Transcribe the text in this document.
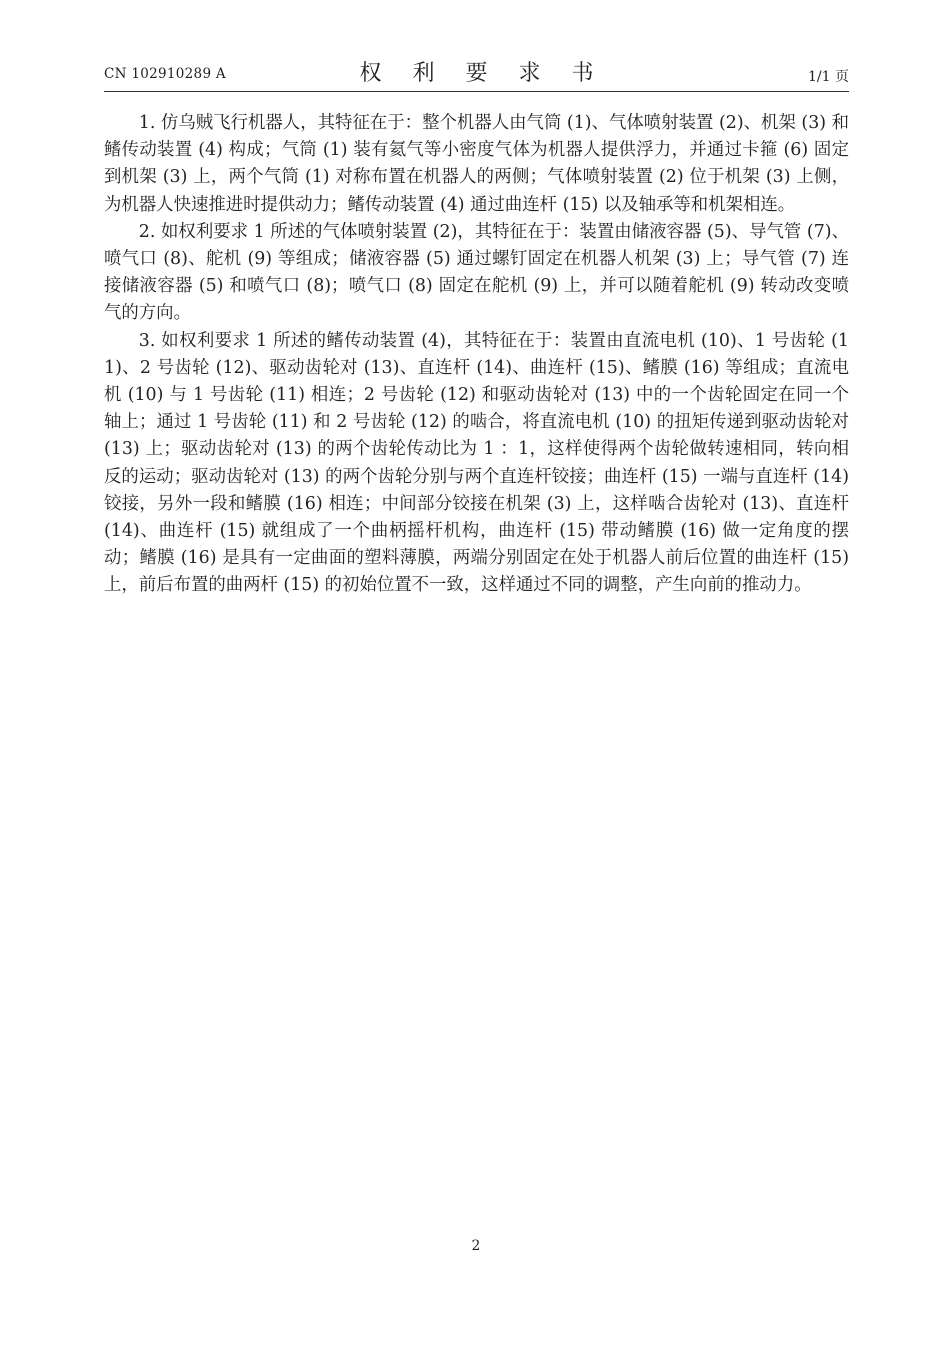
CN 102910289 A	权 利 要 求 书	1/1 页

1. 仿乌贼飞行机器人，其特征在于：整个机器人由气筒 (1)、气体喷射装置 (2)、机架 (3) 和鳍传动装置 (4) 构成；气筒 (1) 装有氦气等小密度气体为机器人提供浮力，并通过卡箍 (6) 固定到机架 (3) 上，两个气筒 (1) 对称布置在机器人的两侧；气体喷射装置 (2) 位于机架 (3) 上侧，为机器人快速推进时提供动力；鳍传动装置 (4) 通过曲连杆 (15) 以及轴承等和机架相连。

2. 如权利要求 1 所述的气体喷射装置 (2)，其特征在于：装置由储液容器 (5)、导气管 (7)、喷气口 (8)、舵机 (9) 等组成；储液容器 (5) 通过螺钉固定在机器人机架 (3) 上；导气管 (7) 连接储液容器 (5) 和喷气口 (8)；喷气口 (8) 固定在舵机 (9) 上，并可以随着舵机 (9) 转动改变喷气的方向。

3. 如权利要求 1 所述的鳍传动装置 (4)，其特征在于：装置由直流电机 (10)、1 号齿轮 (11)、2 号齿轮 (12)、驱动齿轮对 (13)、直连杆 (14)、曲连杆 (15)、鳍膜 (16) 等组成；直流电机 (10) 与 1 号齿轮 (11) 相连；2 号齿轮 (12) 和驱动齿轮对 (13) 中的一个齿轮固定在同一个轴上；通过 1 号齿轮 (11) 和 2 号齿轮 (12) 的啮合，将直流电机 (10) 的扭矩传递到驱动齿轮对 (13) 上；驱动齿轮对 (13) 的两个齿轮传动比为 1 ：1，这样使得两个齿轮做转速相同，转向相反的运动；驱动齿轮对 (13) 的两个齿轮分别与两个直连杆铰接；曲连杆 (15) 一端与直连杆 (14) 铰接，另外一段和鳍膜 (16) 相连；中间部分铰接在机架 (3) 上，这样啮合齿轮对 (13)、直连杆 (14)、曲连杆 (15) 就组成了一个曲柄摇杆机构，曲连杆 (15) 带动鳍膜 (16) 做一定角度的摆动；鳍膜 (16) 是具有一定曲面的塑料薄膜，两端分别固定在处于机器人前后位置的曲连杆 (15) 上，前后布置的曲两杆 (15) 的初始位置不一致，这样通过不同的调整，产生向前的推动力。

2
